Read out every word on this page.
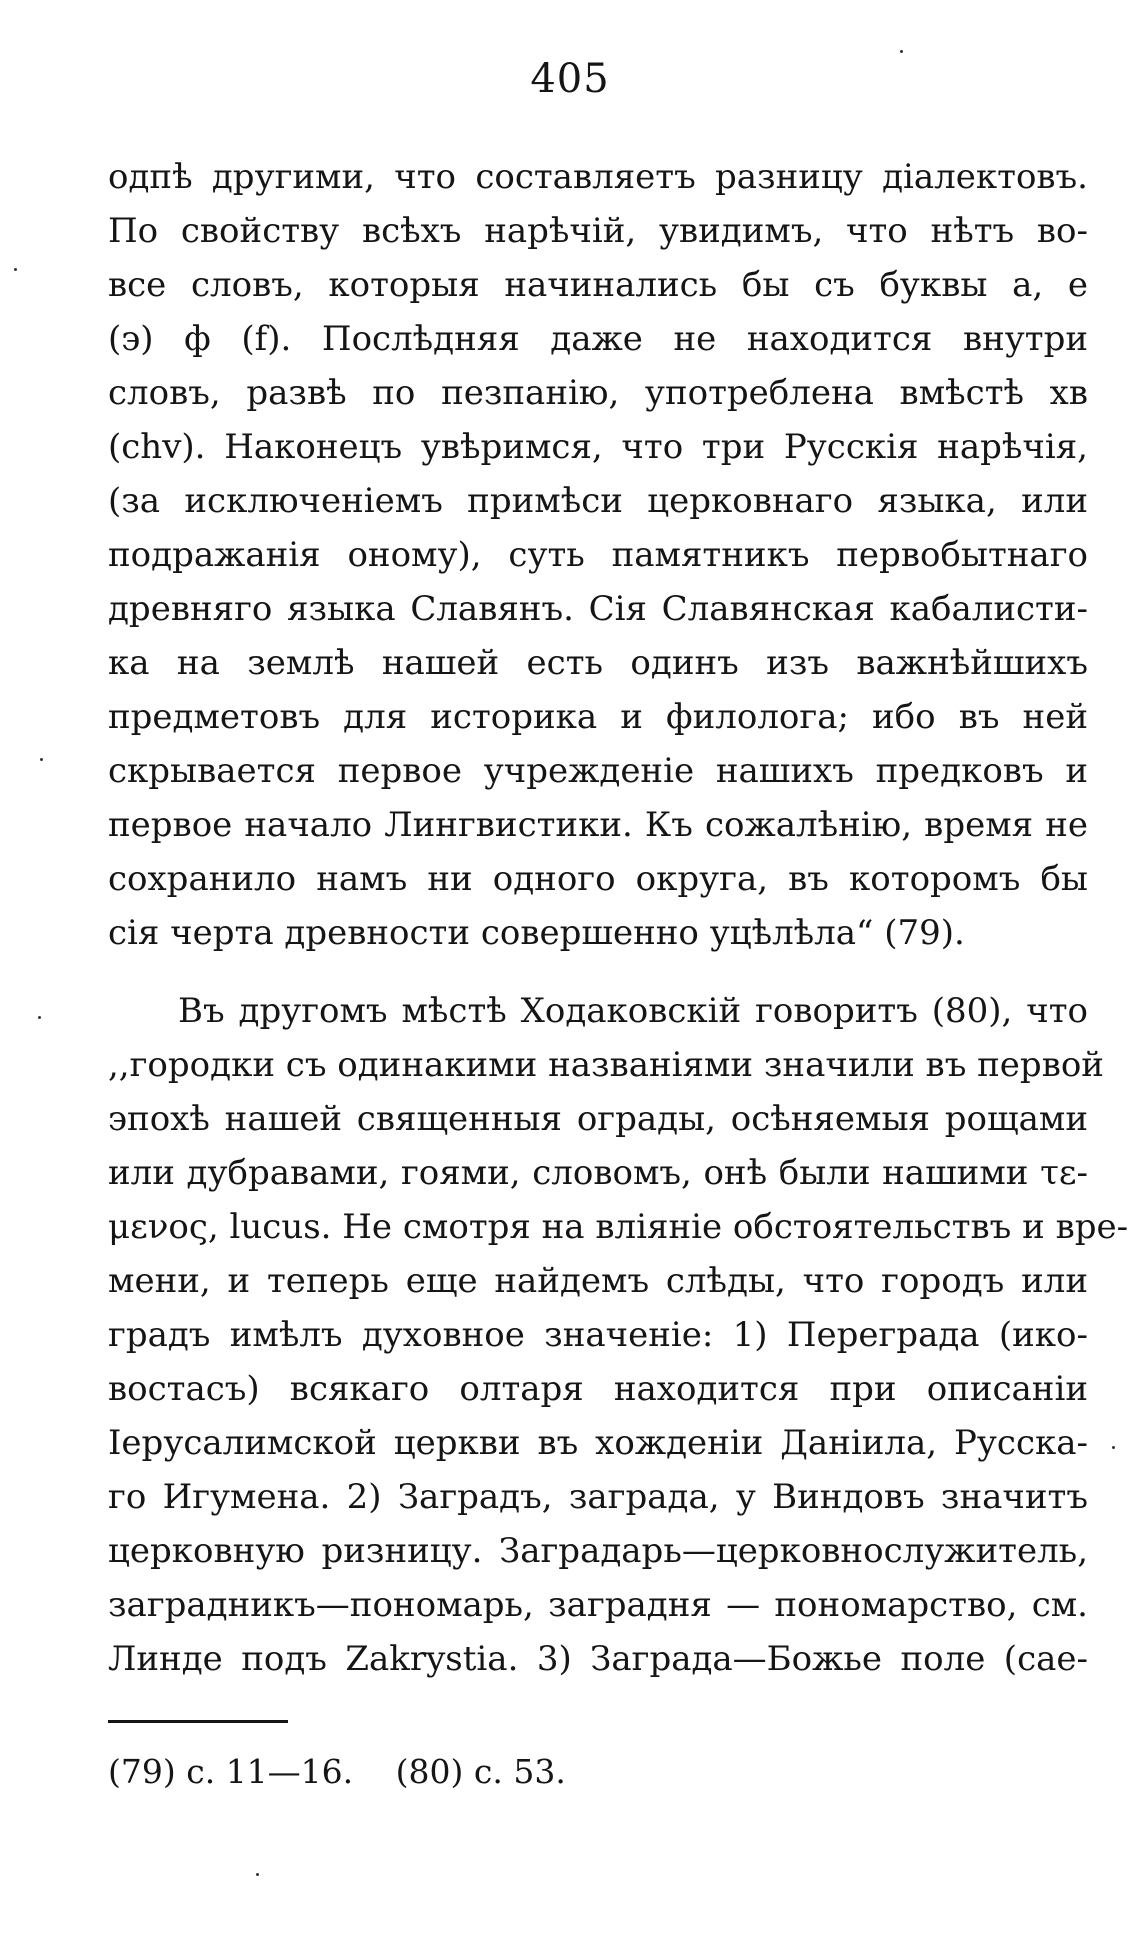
405
одпѣ другими, что составляетъ разницу діалектовъ.
По свойству всѣхъ нарѣчій, увидимъ, что нѣтъ во-
все словъ, которыя начинались бы съ буквы а, е
(э) ф (f). Послѣдняя даже не находится внутри
словъ, развѣ по пезпанію, употреблена вмѣстѣ хв
(chv). Наконецъ увѣримся, что три Русскія нарѣчія,
(за исключеніемъ примѣси церковнаго языка, или
подражанія оному), суть памятникъ первобытнаго
древняго языка Славянъ. Сія Славянская кабалисти-
ка на землѣ нашей есть одинъ изъ важнѣйшихъ
предметовъ для историка и филолога; ибо въ ней
скрывается первое учрежденіе нашихъ предковъ и
первое начало Лингвистики. Къ сожалѣнію, время не
сохранило намъ ни одного округа, въ которомъ бы
сія черта древности совершенно уцѣлѣла“ (79).
Въ другомъ мѣстѣ Ходаковскій говоритъ (80), что
,,городки съ одинакими названіями значили въ первой
эпохѣ нашей священныя ограды, осѣняемыя рощами
или дубравами, гоями, словомъ, онѣ были нашими τε-
μενος, lucus. Не смотря на вліяніе обстоятельствъ и вре-
мени, и теперь еще найдемъ слѣды, что городъ или
градъ имѣлъ духовное значеніе: 1) Переграда (ико-
востасъ) всякаго олтаря находится при описаніи
Іерусалимской церкви въ хожденіи Даніила, Русска-
го Игумена. 2) Заградъ, заграда, у Виндовъ значитъ
церковную ризницу. Заградарь—церковнослужитель,
заградникъ—пономарь, заградня — пономарство, см.
Линде подъ Zakrystia. 3) Заграда—Божье поле (сае-
(79) с. 11—16. (80) с. 53.
